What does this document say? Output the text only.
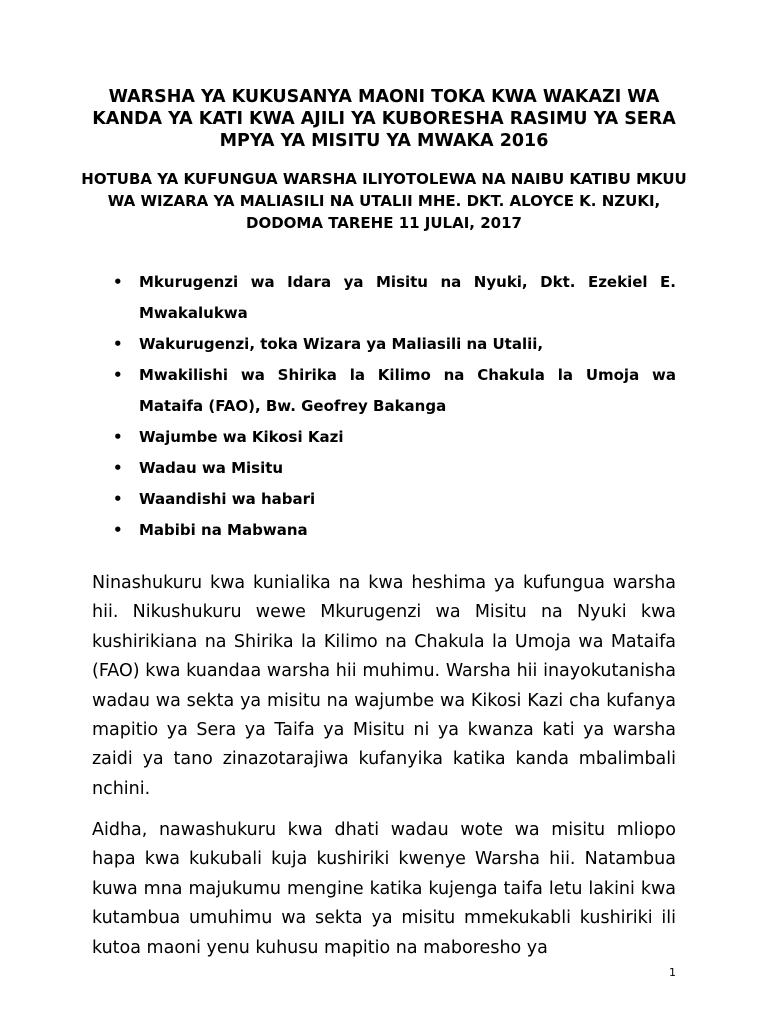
WARSHA YA KUKUSANYA MAONI TOKA KWA WAKAZI WA KANDA YA KATI KWA AJILI YA KUBORESHA RASIMU YA SERA MPYA YA MISITU YA MWAKA 2016
HOTUBA YA KUFUNGUA WARSHA ILIYOTOLEWA NA NAIBU KATIBU MKUU WA WIZARA YA MALIASILI NA UTALII MHE. DKT. ALOYCE K. NZUKI, DODOMA TAREHE 11 JULAI, 2017
• Mkurugenzi wa Idara ya Misitu na Nyuki, Dkt. Ezekiel E. Mwakalukwa
• Wakurugenzi, toka Wizara ya Maliasili na Utalii,
• Mwakilishi wa Shirika la Kilimo na Chakula la Umoja wa Mataifa (FAO), Bw. Geofrey Bakanga
• Wajumbe wa Kikosi Kazi
• Wadau wa Misitu
• Waandishi wa habari
• Mabibi na Mabwana

Ninashukuru kwa kunialika na kwa heshima ya kufungua warsha hii. Nikushukuru wewe Mkurugenzi wa Misitu na Nyuki kwa kushirikiana na Shirika la Kilimo na Chakula la Umoja wa Mataifa (FAO) kwa kuandaa warsha hii muhimu. Warsha hii inayokutanisha wadau wa sekta ya misitu na wajumbe wa Kikosi Kazi cha kufanya mapitio ya Sera ya Taifa ya Misitu ni ya kwanza kati ya warsha zaidi ya tano zinazotarajiwa kufanyika katika kanda mbalimbali nchini.

Aidha, nawashukuru kwa dhati wadau wote wa misitu mliopo hapa kwa kukubali kuja kushiriki kwenye Warsha hii. Natambua kuwa mna majukumu mengine katika kujenga taifa letu lakini kwa kutambua umuhimu wa sekta ya misitu mmekukabli kushiriki ili kutoa maoni yenu kuhusu mapitio na maboresho ya

1
